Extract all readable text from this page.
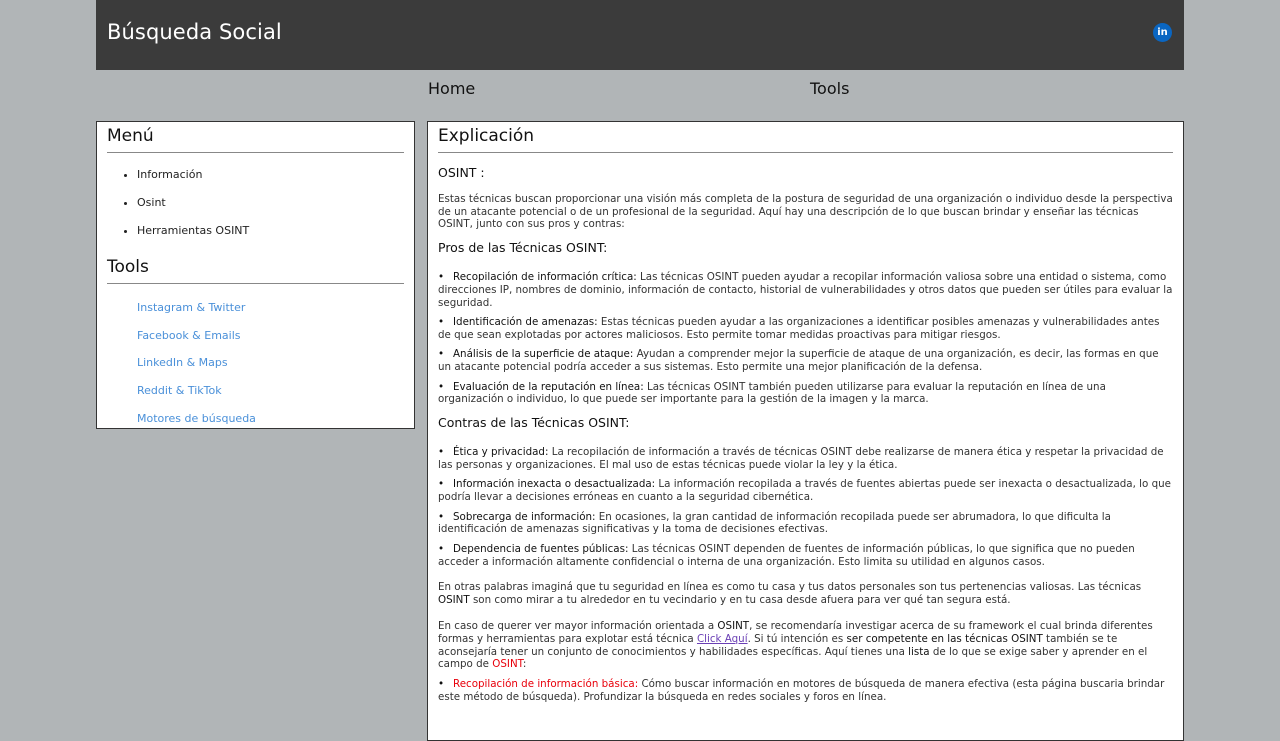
Búsqueda Social	in
Home	Tools
Menú
• Información
• Osint
• Herramientas OSINT
Tools
Instagram & Twitter
Facebook & Emails
LinkedIn & Maps
Reddit & TikTok
Motores de búsqueda
Explicación

OSINT :

Estas técnicas buscan proporcionar una visión más completa de la postura de seguridad de una organización o individuo desde la perspectiva de un atacante potencial o de un profesional de la seguridad. Aquí hay una descripción de lo que buscan brindar y enseñar las técnicas OSINT, junto con sus pros y contras:

Pros de las Técnicas OSINT:

• Recopilación de información crítica: Las técnicas OSINT pueden ayudar a recopilar información valiosa sobre una entidad o sistema, como direcciones IP, nombres de dominio, información de contacto, historial de vulnerabilidades y otros datos que pueden ser útiles para evaluar la seguridad.
• Identificación de amenazas: Estas técnicas pueden ayudar a las organizaciones a identificar posibles amenazas y vulnerabilidades antes de que sean explotadas por actores maliciosos. Esto permite tomar medidas proactivas para mitigar riesgos.
• Análisis de la superficie de ataque: Ayudan a comprender mejor la superficie de ataque de una organización, es decir, las formas en que un atacante potencial podría acceder a sus sistemas. Esto permite una mejor planificación de la defensa.
• Evaluación de la reputación en línea: Las técnicas OSINT también pueden utilizarse para evaluar la reputación en línea de una organización o individuo, lo que puede ser importante para la gestión de la imagen y la marca.

Contras de las Técnicas OSINT:

• Ética y privacidad: La recopilación de información a través de técnicas OSINT debe realizarse de manera ética y respetar la privacidad de las personas y organizaciones. El mal uso de estas técnicas puede violar la ley y la ética.
• Información inexacta o desactualizada: La información recopilada a través de fuentes abiertas puede ser inexacta o desactualizada, lo que podría llevar a decisiones erróneas en cuanto a la seguridad cibernética.
• Sobrecarga de información: En ocasiones, la gran cantidad de información recopilada puede ser abrumadora, lo que dificulta la identificación de amenazas significativas y la toma de decisiones efectivas.
• Dependencia de fuentes públicas: Las técnicas OSINT dependen de fuentes de información públicas, lo que significa que no pueden acceder a información altamente confidencial o interna de una organización. Esto limita su utilidad en algunos casos.

En otras palabras imaginá que tu seguridad en línea es como tu casa y tus datos personales son tus pertenencias valiosas. Las técnicas OSINT son como mirar a tu alrededor en tu vecindario y en tu casa desde afuera para ver qué tan segura está.

En caso de querer ver mayor información orientada a OSINT, se recomendaría investigar acerca de su framework el cual brinda diferentes formas y herramientas para explotar está técnica Click Aquí. Si tú intención es ser competente en las técnicas OSINT también se te aconsejaría tener un conjunto de conocimientos y habilidades específicas. Aquí tienes una lista de lo que se exige saber y aprender en el campo de OSINT:

• Recopilación de información básica: Cómo buscar información en motores de búsqueda de manera efectiva (esta página buscaria brindar este método de búsqueda). Profundizar la búsqueda en redes sociales y foros en línea.
